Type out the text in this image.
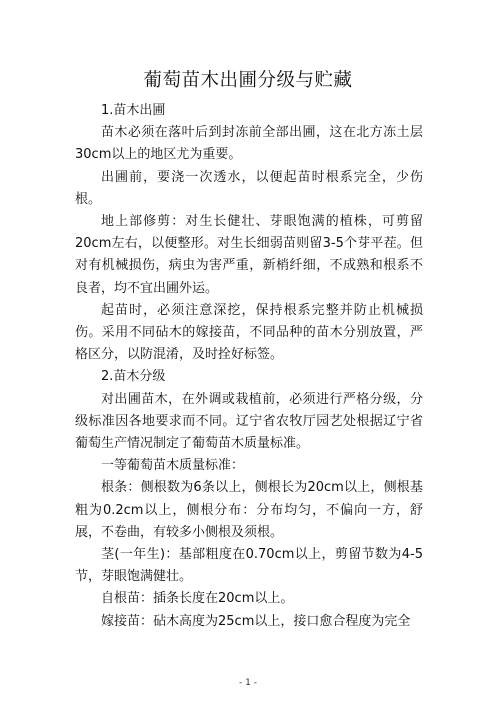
葡萄苗木出圃分级与贮藏

1.苗木出圃

苗木必须在落叶后到封冻前全部出圃，这在北方冻土层30cm以上的地区尤为重要。

出圃前，要浇一次透水，以便起苗时根系完全，少伤根。

地上部修剪：对生长健壮、芽眼饱满的植株，可剪留20cm左右，以便整形。对生长细弱苗则留3-5个芽平茬。但对有机械损伤，病虫为害严重，新梢纤细，不成熟和根系不良者，均不宜出圃外运。

起苗时，必须注意深挖，保持根系完整并防止机械损伤。采用不同砧木的嫁接苗，不同品种的苗木分别放置，严格区分，以防混淆，及时拴好标签。

2.苗木分级

对出圃苗木，在外调或栽植前，必须进行严格分级，分级标准因各地要求而不同。辽宁省农牧厅园艺处根据辽宁省葡萄生产情况制定了葡萄苗木质量标准。

一等葡萄苗木质量标准：

根条：侧根数为6条以上，侧根长为20cm以上，侧根基粗为0.2cm以上，侧根分布：分布均匀，不偏向一方，舒展，不卷曲，有较多小侧根及须根。

茎(一年生)：基部粗度在0.70cm以上，剪留节数为4-5节，芽眼饱满健壮。

自根苗：插条长度在20cm以上。

嫁接苗：砧木高度为25cm以上，接口愈合程度为完全

- 1 -
